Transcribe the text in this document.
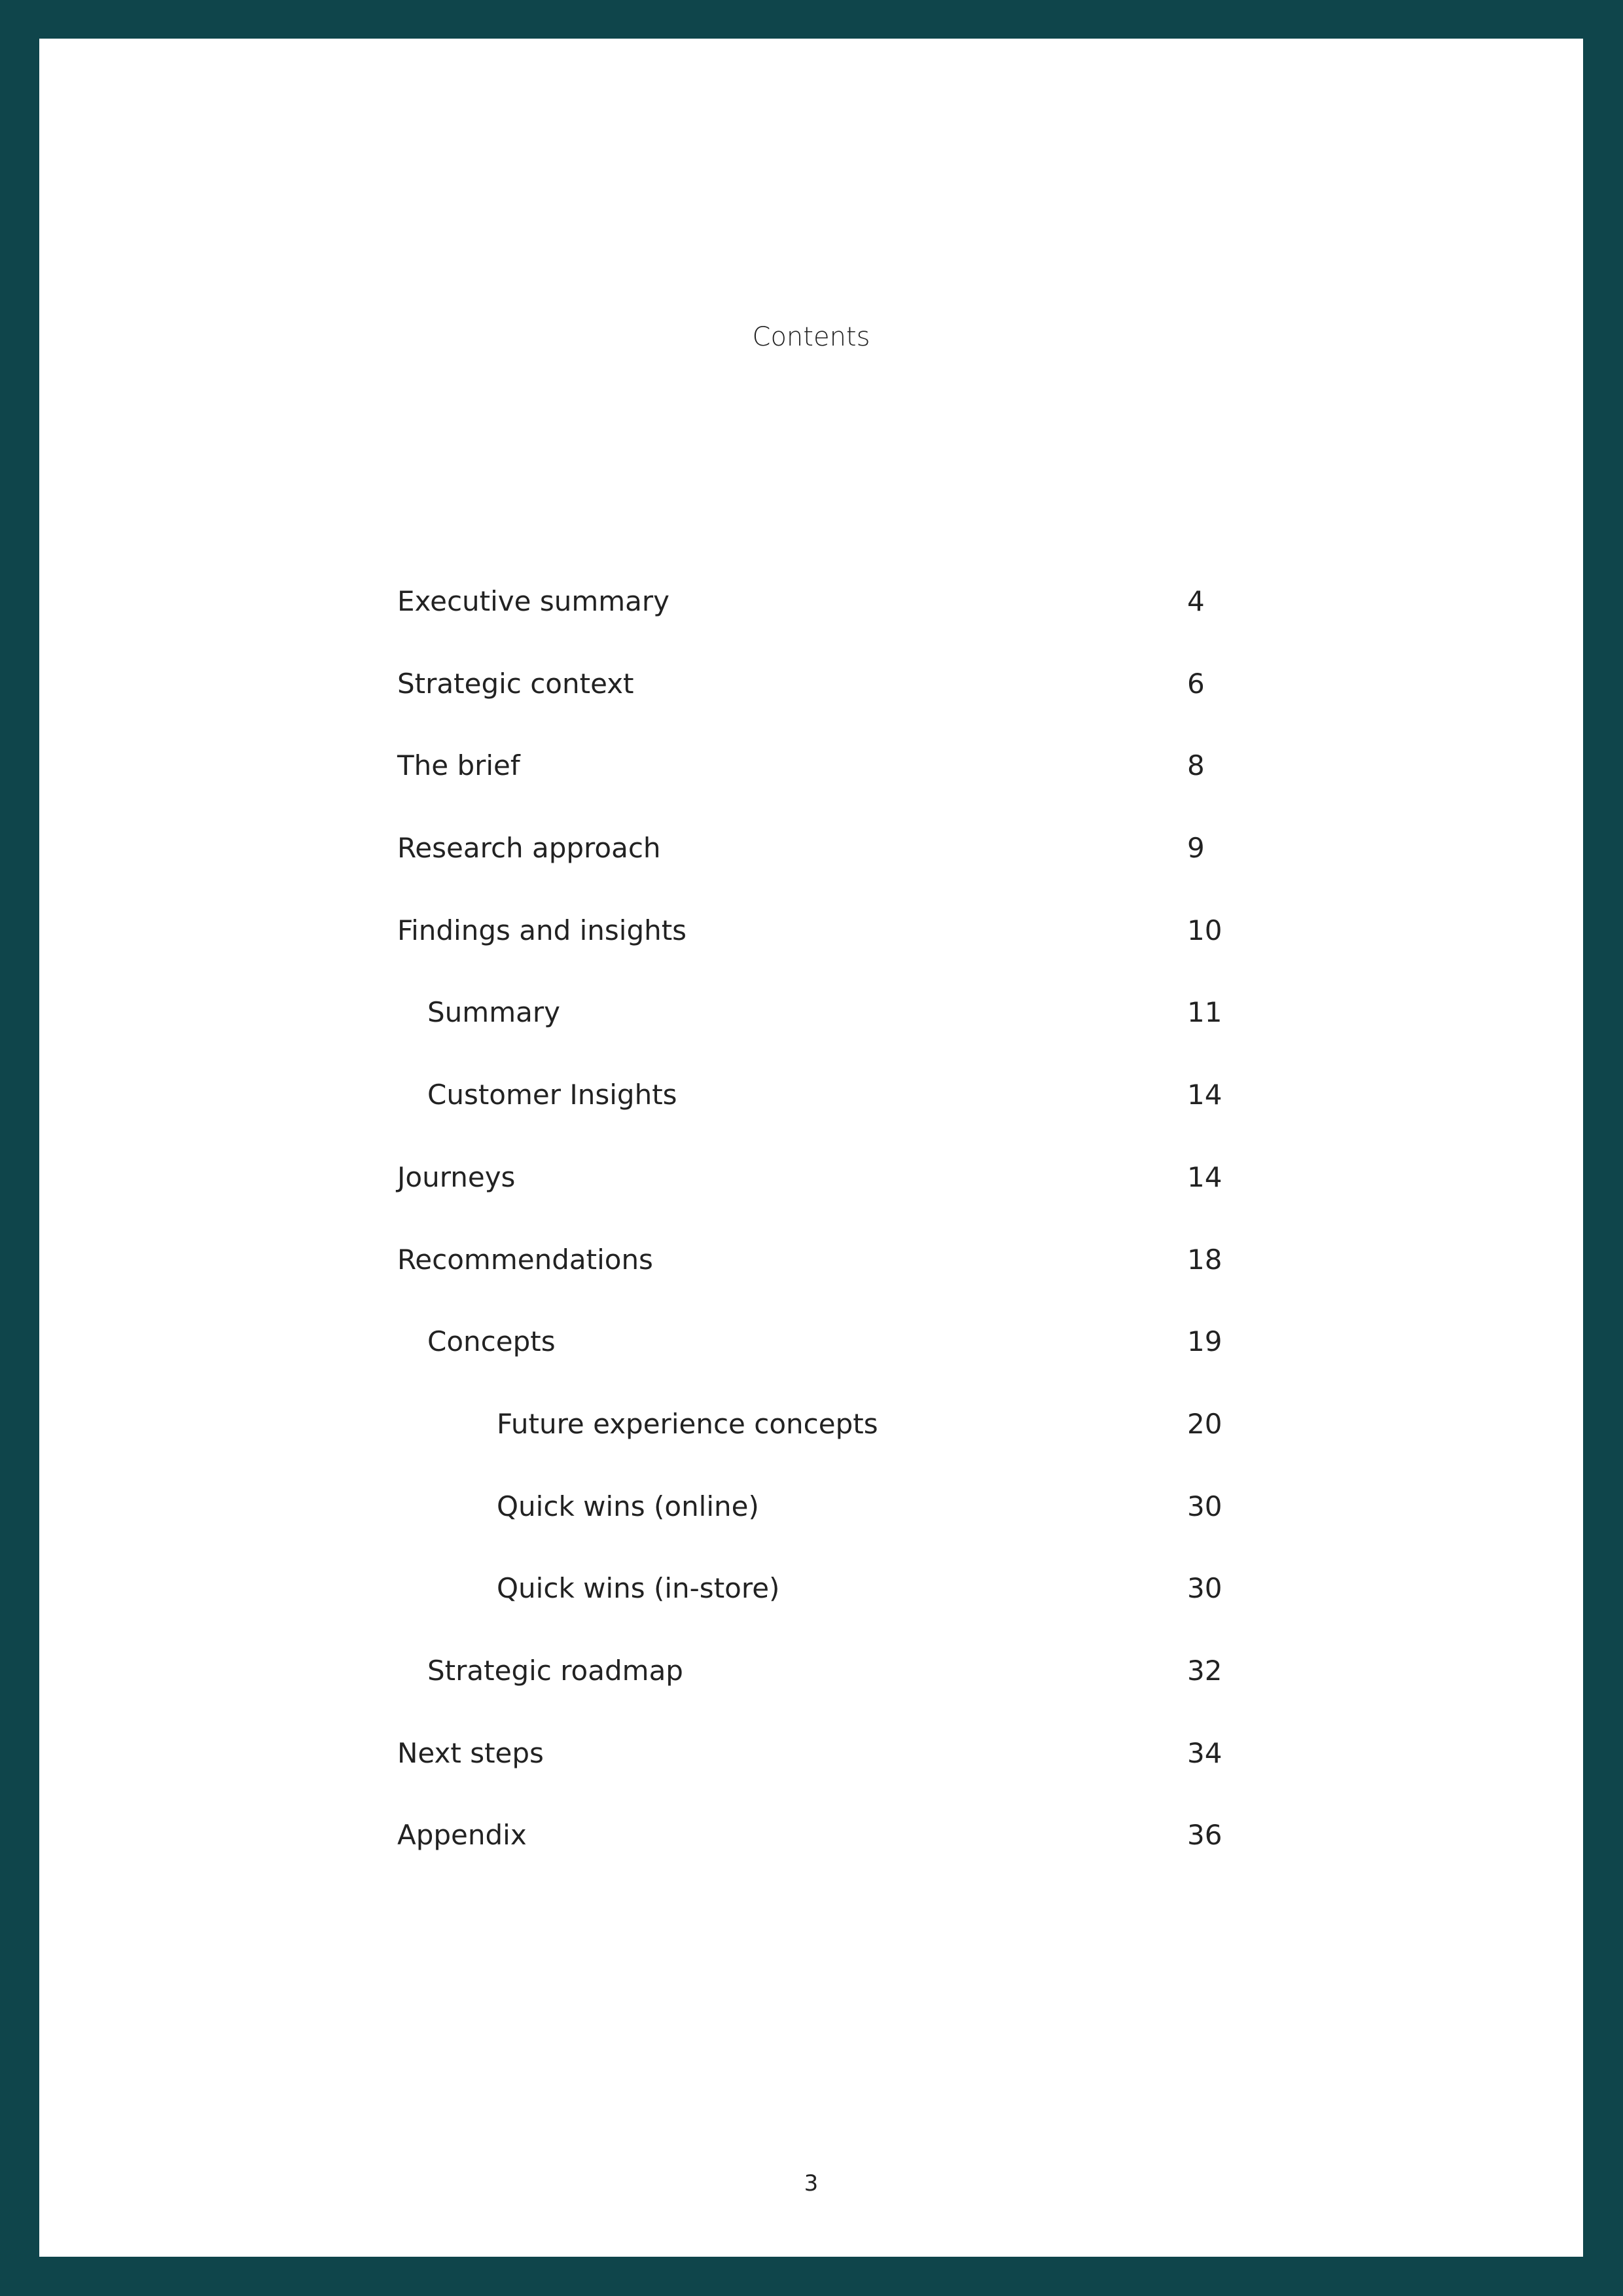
Contents
Executive summary	4
Strategic context	6
The brief	8
Research approach	9
Findings and insights	10
Summary	11
Customer Insights	14
Journeys	14
Recommendations	18
Concepts	19
Future experience concepts	20
Quick wins (online)	30
Quick wins (in-store)	30
Strategic roadmap	32
Next steps	34
Appendix	36
3
